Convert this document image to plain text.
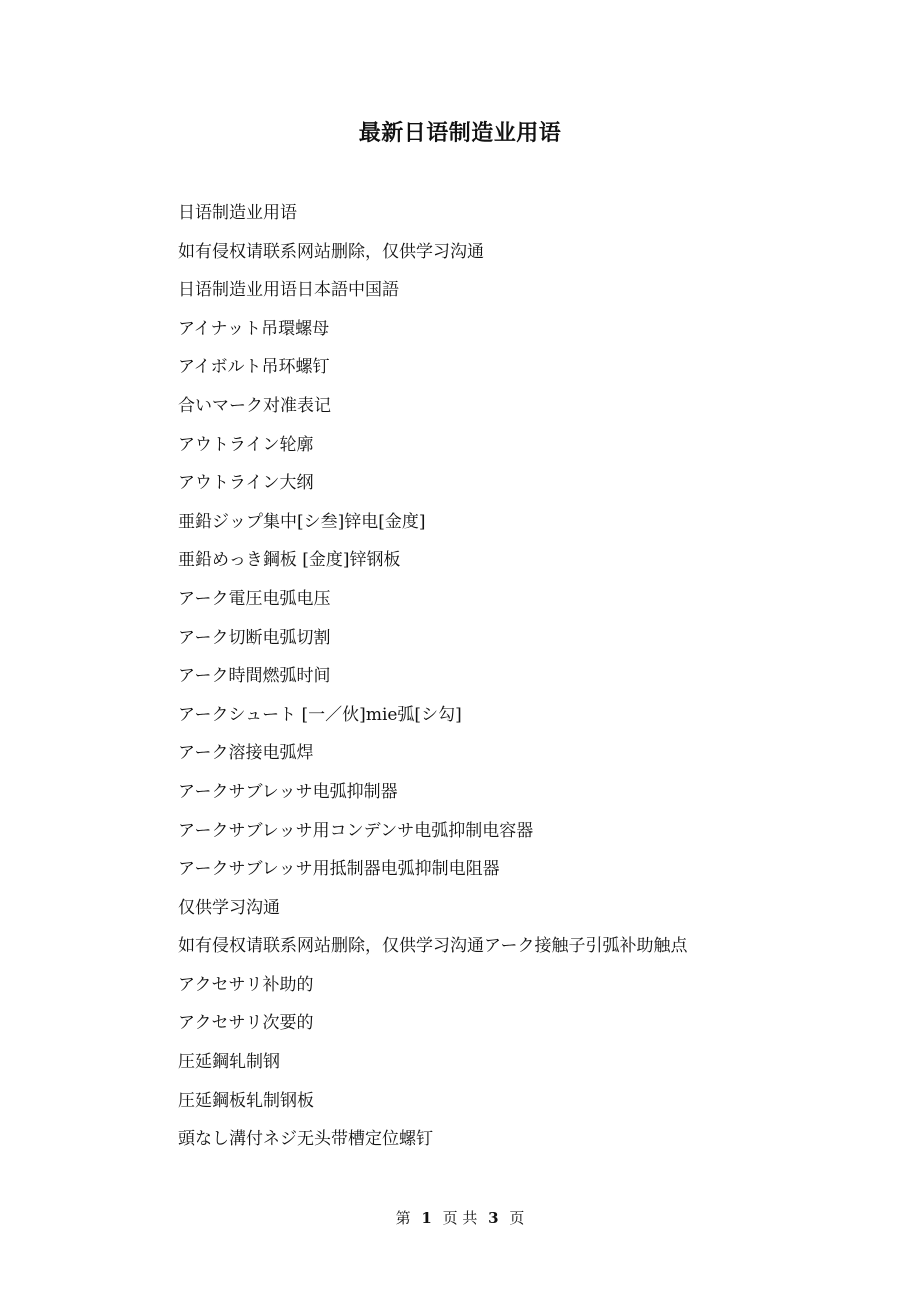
最新日语制造业用语
日语制造业用语
如有侵权请联系网站删除，仅供学习沟通
日语制造业用语日本語中国語
アイナット吊環螺母
アイボルト吊环螺钉
合いマーク对准表记
アウトライン轮廓
アウトライン大纲
亜鉛ジップ集中[シ叁]锌电[金度]
亜鉛めっき鋼板 [金度]锌钢板
アーク電圧电弧电压
アーク切断电弧切割
アーク時間燃弧时间
アークシュート [一／伙]mie弧[シ勾]
アーク溶接电弧焊
アークサブレッサ电弧抑制器
アークサブレッサ用コンデンサ电弧抑制电容器
アークサブレッサ用抵制器电弧抑制电阻器
仅供学习沟通
如有侵权请联系网站删除，仅供学习沟通アーク接触子引弧补助触点
アクセサリ补助的
アクセサリ次要的
圧延鋼轧制钢
圧延鋼板轧制钢板
頭なし溝付ネジ无头带槽定位螺钉
第 1 页 共 3 页
